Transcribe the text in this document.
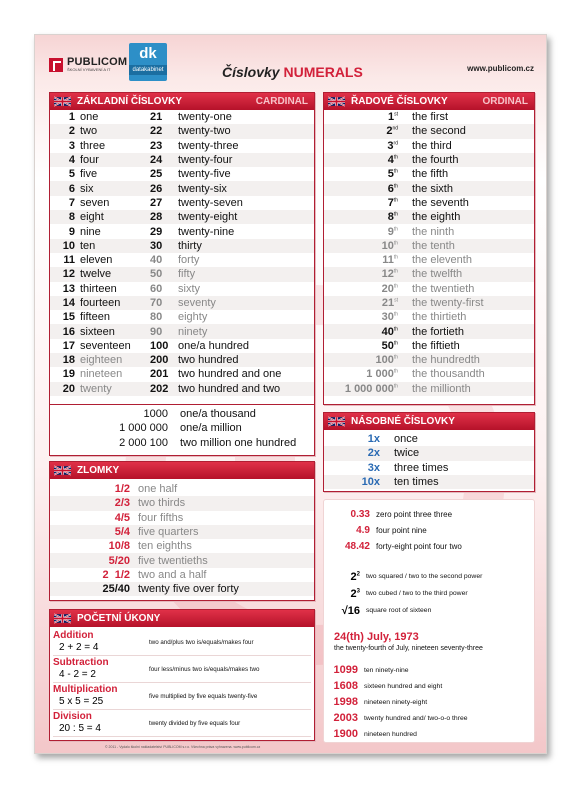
PUBLICOM
ŠKOLNÍ VYBAVENÍ A IT
dk
datakabinet	Číslovky NUMERALS	www.publicom.cz
ZÁKLADNÍ ČÍSLOVKY	CARDINAL
1 one	21	twenty-one
2 two	22	twenty-two
3 three	23	twenty-three
4 four	24	twenty-four
5 five	25	twenty-five
6 six	26	twenty-six
7 seven	27	twenty-seven
8 eight	28	twenty-eight
9 nine	29	twenty-nine
10 ten	30	thirty
11 eleven	40	forty
12 twelve	50	fifty
13 thirteen	60	sixty
14 fourteen	70	seventy
15 fifteen	80	eighty
16 sixteen	90	ninety
17 seventeen	100 one/a hundred
18 eighteen	200 two hundred
19 nineteen	201 two hundred and one
20 twenty	202 two hundred and two
1000	one/a thousand
1 000 000	one/a million
2 000 100	two million one hundred
ŘADOVÉ ČÍSLOVKY	ORDINAL
1st	the first
2nd	the second
3rd	the third
4th	the fourth
5th	the fifth
6th	the sixth
7th	the seventh
8th	the eighth
9th	the ninth
10th	the tenth
11th	the eleventh
12th	the twelfth
20th	the twentieth
21st	the twenty-first
30th	the thirtieth
40th	the fortieth
50th	the fiftieth
100th	the hundredth
1 000th	the thousandth
1 000 000th	the millionth
NÁSOBNÉ ČÍSLOVKY
1x	once
2x	twice
3x	three times
10x	ten times
ZLOMKY
1/2 one half
2/3 two thirds
4/5 four fifths
5/4 five quarters
10/8 ten eighths
5/20 five twentieths
2  1/2 two and a half
25/40 twenty five over forty
POČETNÍ ÚKONY
Addition
2 + 2 = 4	two and/plus two is/equals/makes four
Subtraction
4 - 2 = 2	four less/minus two is/equals/makes two
Multiplication
5 x 5 = 25	five multiplied by five equals twenty-five
Division
20 : 5 = 4	twenty divided by five equals four
0.33 zero point three three
4.9 four point nine
48.42 forty-eight point four two
$2^2$ two squared / two to the second power
$2^3$ two cubed / two to the third power
√16 square root of sixteen
24(th) July, 1973
the twenty-fourth of July, nineteen seventy-three
1099 ten ninety-nine
1608 sixteen hundred and eight
1998 nineteen ninety-eight
2003 twenty hundred and/ two-o-o three
1900 nineteen hundred
© 2011 - Vydalo školní nakladatelství PUBLICOM s.r.o. Všechna práva vyhrazena. www.publicom.cz
